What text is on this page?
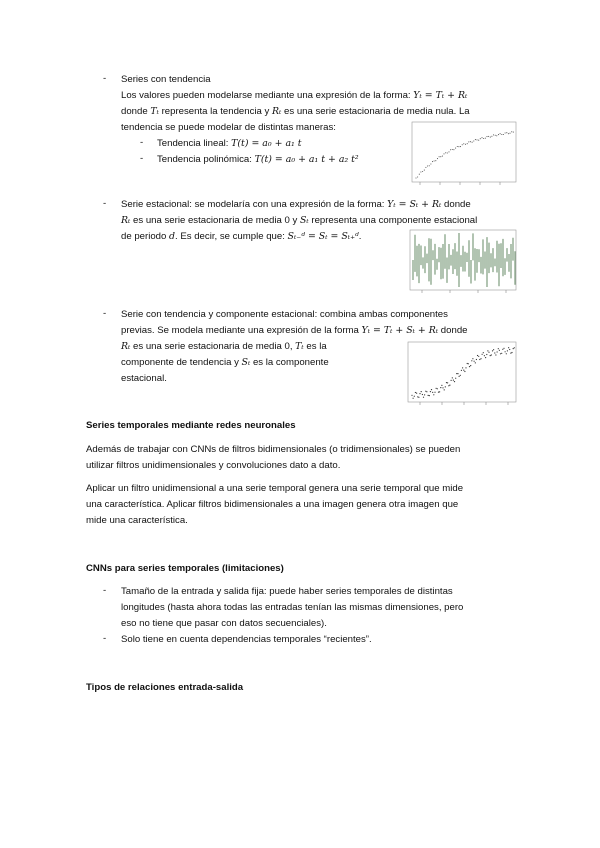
- Series con tendencia
Los valores pueden modelarse mediante una expresión de la forma: Yₜ = Tₜ + Rₜ
donde Tₜ representa la tendencia y Rₜ es una serie estacionaria de media nula. La
tendencia se puede modelar de distintas maneras:
- Tendencia lineal: T(t) = a₀ + a₁ t
- Tendencia polinómica: T(t) = a₀ + a₁ t + a₂ t²
- Serie estacional: se modelaría con una expresión de la forma: Yₜ = Sₜ + Rₜ donde
Rₜ es una serie estacionaria de media 0 y Sₜ representa una componente estacional
de periodo d. Es decir, se cumple que: Sₜ₋ᵈ = Sₜ = Sₜ₊ᵈ.
- Serie con tendencia y componente estacional: combina ambas componentes
previas. Se modela mediante una expresión de la forma Yₜ = Tₜ + Sₜ + Rₜ donde
Rₜ es una serie estacionaria de media 0, Tₜ es la
componente de tendencia y Sₜ es la componente
estacional.
Series temporales mediante redes neuronales
Además de trabajar con CNNs de filtros bidimensionales (o tridimensionales) se pueden
utilizar filtros unidimensionales y convoluciones dato a dato.
Aplicar un filtro unidimensional a una serie temporal genera una serie temporal que mide
una característica. Aplicar filtros bidimensionales a una imagen genera otra imagen que
mide una característica.
CNNs para series temporales (limitaciones)
- Tamaño de la entrada y salida fija: puede haber series temporales de distintas
longitudes (hasta ahora todas las entradas tenían las mismas dimensiones, pero
eso no tiene que pasar con datos secuenciales).
- Solo tiene en cuenta dependencias temporales “recientes”.
Tipos de relaciones entrada-salida
